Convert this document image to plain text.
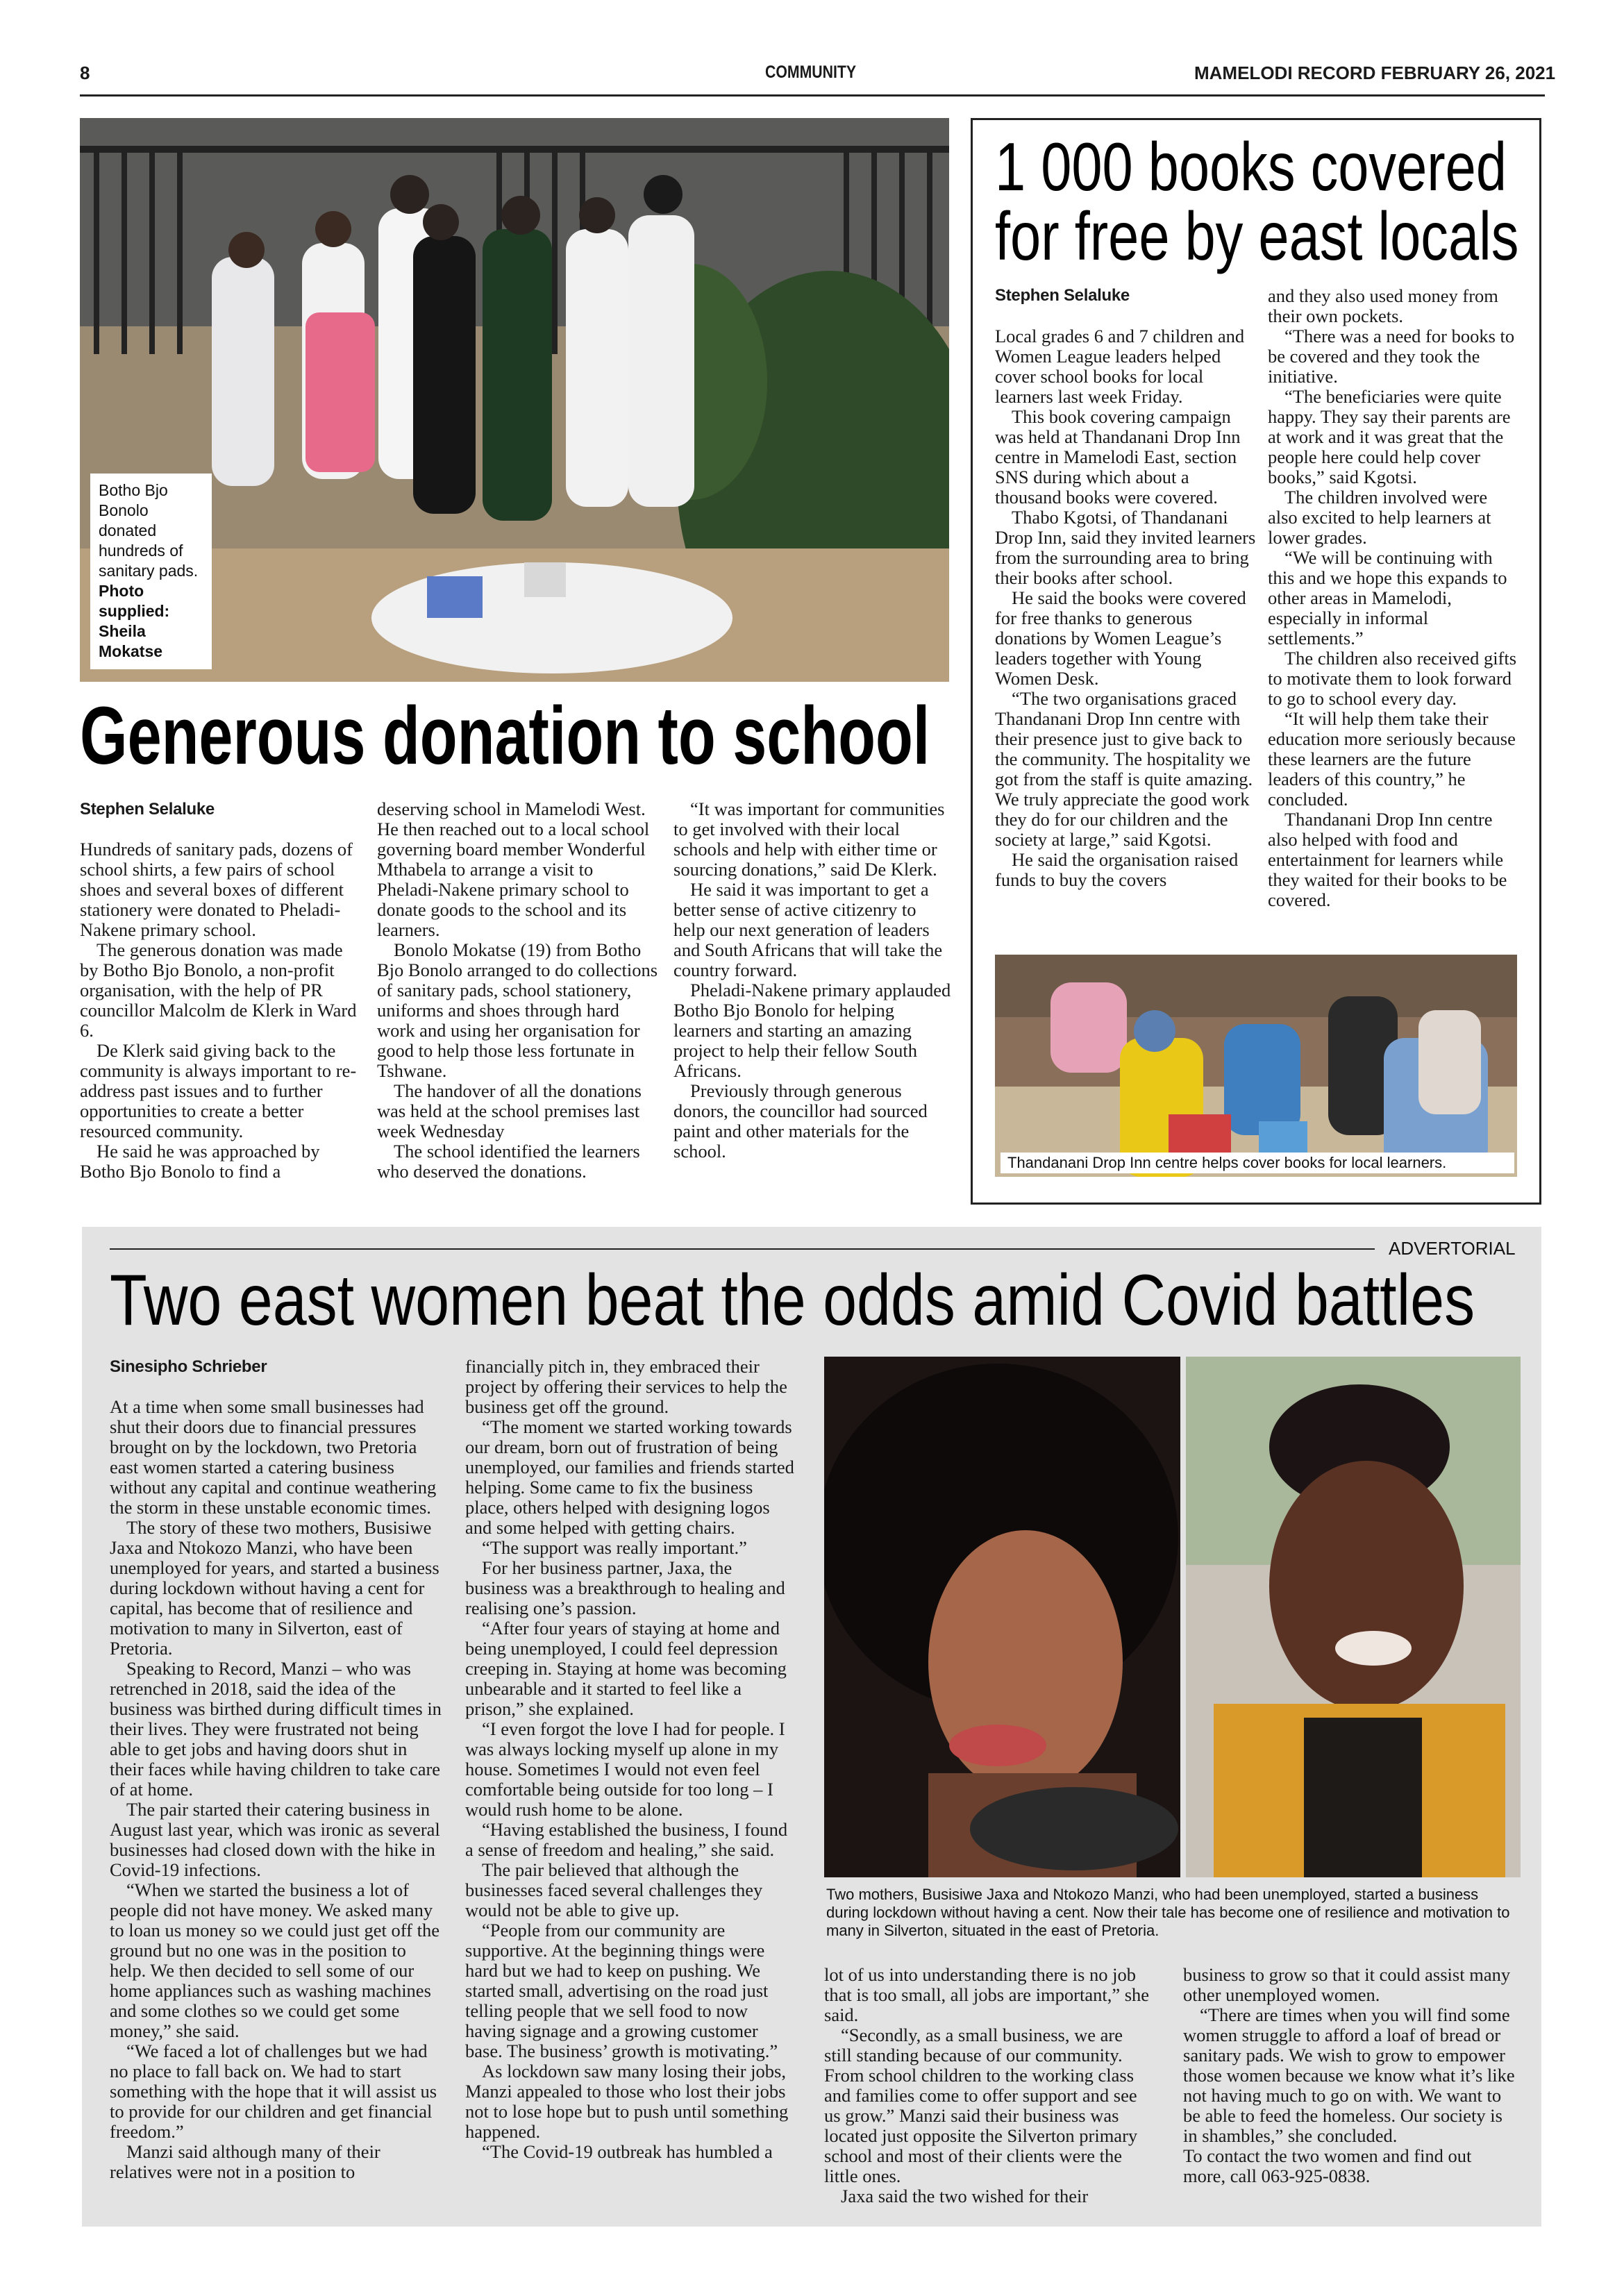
8	COMMUNITY	MAMELODI RECORD FEBRUARY 26, 2021
Botho Bjo Bonolo donated hundreds of sanitary pads. Photo supplied: Sheila Mokatse
Generous donation to school
Stephen Selaluke

Hundreds of sanitary pads, dozens of school shirts, a few pairs of school shoes and several boxes of different stationery were donated to Pheladi-Nakene primary school.

The generous donation was made by Botho Bjo Bonolo, a non-profit organisation, with the help of PR councillor Malcolm de Klerk in Ward 6.

De Klerk said giving back to the community is always important to re-address past issues and to further opportunities to create a better resourced community.

He said he was approached by Botho Bjo Bonolo to find a

deserving school in Mamelodi West. He then reached out to a local school governing board member Wonderful Mthabela to arrange a visit to Pheladi-Nakene primary school to donate goods to the school and its learners.

Bonolo Mokatse (19) from Botho Bjo Bonolo arranged to do collections of sanitary pads, school stationery, uniforms and shoes through hard work and using her organisation for good to help those less fortunate in Tshwane.

The handover of all the donations was held at the school premises last week Wednesday

The school identified the learners who deserved the donations.

“It was important for communities to get involved with their local schools and help with either time or sourcing donations,” said De Klerk.

He said it was important to get a better sense of active citizenry to help our next generation of leaders and South Africans that will take the country forward.

Pheladi-Nakene primary applauded Botho Bjo Bonolo for helping learners and starting an amazing project to help their fellow South Africans.

Previously through generous donors, the councillor had sourced paint and other materials for the school.

1 000 books covered
for free by east locals
Stephen Selaluke

Local grades 6 and 7 children and Women League leaders helped cover school books for local learners last week Friday.

This book covering campaign was held at Thandanani Drop Inn centre in Mamelodi East, section SNS during which about a thousand books were covered.

Thabo Kgotsi, of Thandanani Drop Inn, said they invited learners from the surrounding area to bring their books after school.

He said the books were covered for free thanks to generous donations by Women League’s leaders together with Young Women Desk.

“The two organisations graced Thandanani Drop Inn centre with their presence just to give back to the community. The hospitality we got from the staff is quite amazing. We truly appreciate the good work they do for our children and the society at large,” said Kgotsi.

He said the organisation raised funds to buy the covers

and they also used money from their own pockets.

“There was a need for books to be covered and they took the initiative.

“The beneficiaries were quite happy. They say their parents are at work and it was great that the people here could help cover books,” said Kgotsi.

The children involved were also excited to help learners at lower grades.

“We will be continuing with this and we hope this expands to other areas in Mamelodi, especially in informal settlements.”

The children also received gifts to motivate them to look forward to go to school every day.

“It will help them take their education more seriously because these learners are the future leaders of this country,” he concluded.

Thandanani Drop Inn centre also helped with food and entertainment for learners while they waited for their books to be covered.

Thandanani Drop Inn centre helps cover books for local learners.
ADVERTORIAL
Two east women beat the odds amid Covid battles
Sinesipho Schrieber

At a time when some small businesses had shut their doors due to financial pressures brought on by the lockdown, two Pretoria east women started a catering business without any capital and continue weathering the storm in these unstable economic times.

The story of these two mothers, Busisiwe Jaxa and Ntokozo Manzi, who have been unemployed for years, and started a business during lockdown without having a cent for capital, has become that of resilience and motivation to many in Silverton, east of Pretoria.

Speaking to Record, Manzi – who was retrenched in 2018, said the idea of the business was birthed during difficult times in their lives. They were frustrated not being able to get jobs and having doors shut in their faces while having children to take care of at home.

The pair started their catering business in August last year, which was ironic as several businesses had closed down with the hike in Covid-19 infections.

“When we started the business a lot of people did not have money. We asked many to loan us money so we could just get off the ground but no one was in the position to help. We then decided to sell some of our home appliances such as washing machines and some clothes so we could get some money,” she said.

“We faced a lot of challenges but we had no place to fall back on. We had to start something with the hope that it will assist us to provide for our children and get financial freedom.”

Manzi said although many of their relatives were not in a position to

financially pitch in, they embraced their project by offering their services to help the business get off the ground.

“The moment we started working towards our dream, born out of frustration of being unemployed, our families and friends started helping. Some came to fix the business place, others helped with designing logos and some helped with getting chairs.

“The support was really important.”

For her business partner, Jaxa, the business was a breakthrough to healing and realising one’s passion.

“After four years of staying at home and being unemployed, I could feel depression creeping in. Staying at home was becoming unbearable and it started to feel like a prison,” she explained.

“I even forgot the love I had for people. I was always locking myself up alone in my house. Sometimes I would not even feel comfortable being outside for too long – I would rush home to be alone.

“Having established the business, I found a sense of freedom and healing,” she said.

The pair believed that although the businesses faced several challenges they would not be able to give up.

“People from our community are supportive. At the beginning things were hard but we had to keep on pushing. We started small, advertising on the road just telling people that we sell food to now having signage and a growing customer base. The business’ growth is motivating.”

As lockdown saw many losing their jobs, Manzi appealed to those who lost their jobs not to lose hope but to push until something happened.

“The Covid-19 outbreak has humbled a

Two mothers, Busisiwe Jaxa and Ntokozo Manzi, who had been unemployed, started a business during lockdown without having a cent. Now their tale has become one of resilience and motivation to many in Silverton, situated in the east of Pretoria.

lot of us into understanding there is no job that is too small, all jobs are important,” she said.

“Secondly, as a small business, we are still standing because of our community. From school children to the working class and families come to offer support and see us grow.” Manzi said their business was located just opposite the Silverton primary school and most of their clients were the little ones.

Jaxa said the two wished for their

business to grow so that it could assist many other unemployed women.

“There are times when you will find some women struggle to afford a loaf of bread or sanitary pads. We wish to grow to empower those women because we know what it’s like not having much to go on with. We want to be able to feed the homeless. Our society is in shambles,” she concluded.

To contact the two women and find out more, call 063-925-0838.
